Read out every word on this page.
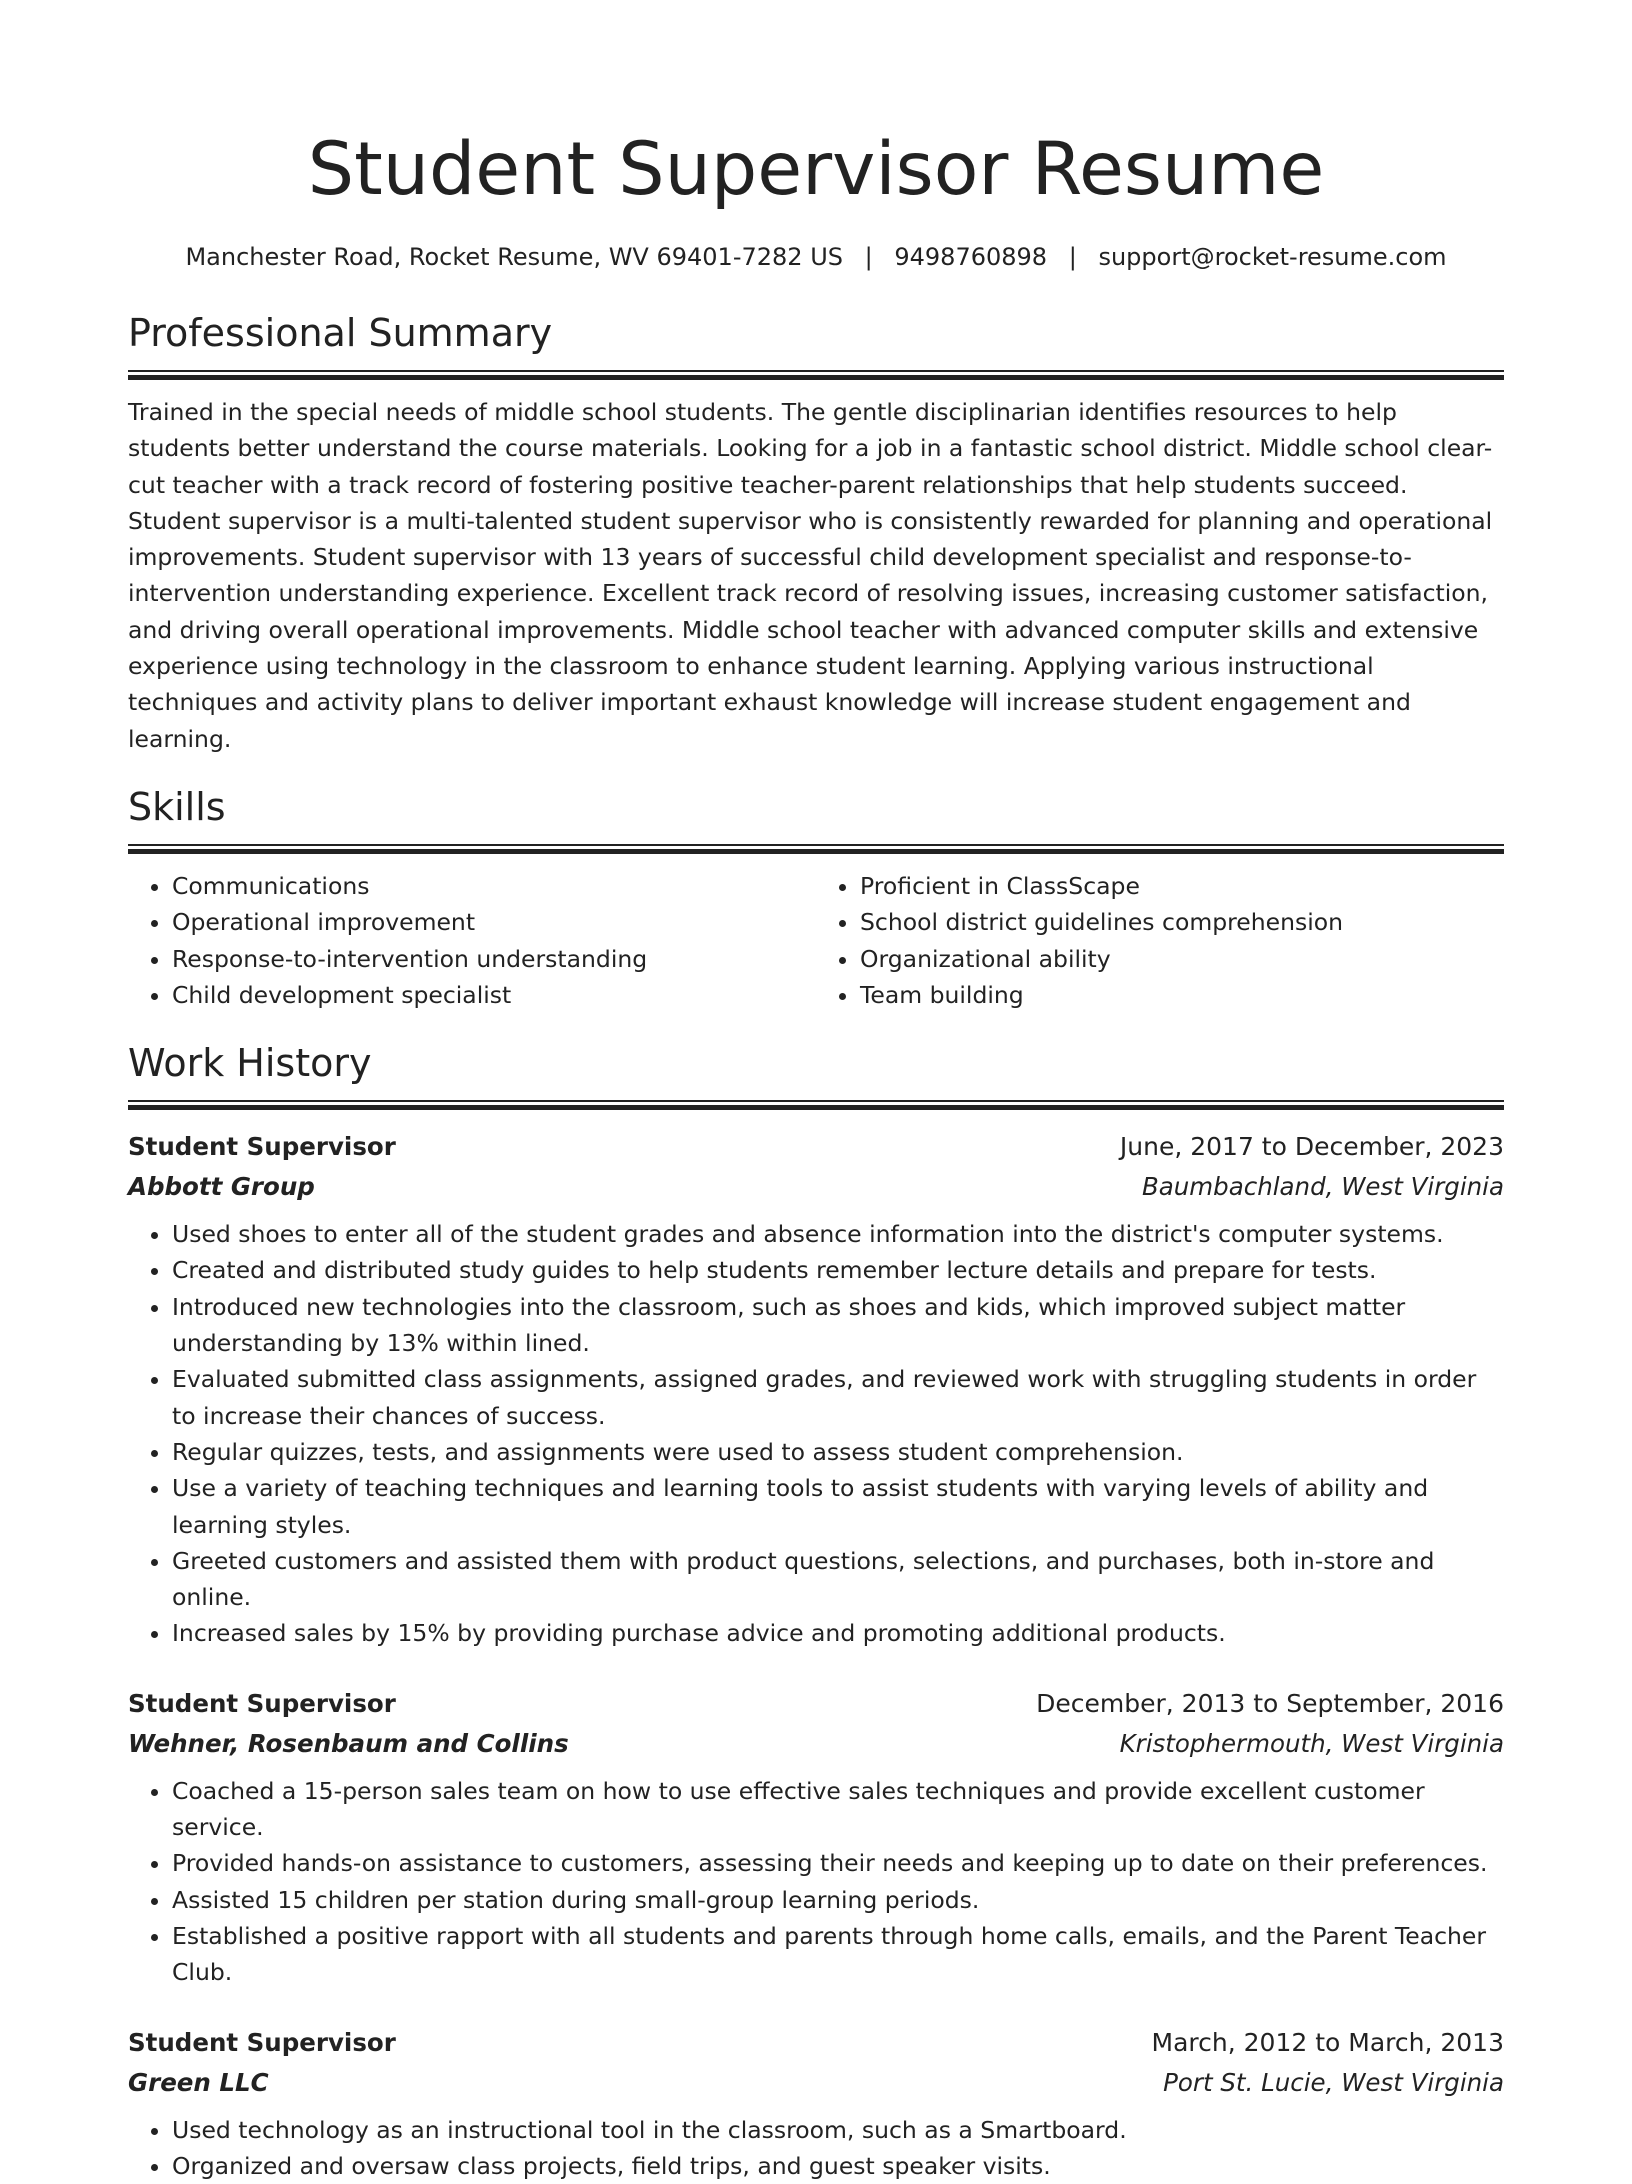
Student Supervisor Resume
Manchester Road, Rocket Resume, WV 69401-7282 US | 9498760898 | support@rocket-resume.com
Professional Summary

Trained in the special needs of middle school students. The gentle disciplinarian identifies resources to help students better understand the course materials. Looking for a job in a fantastic school district. Middle school clear-cut teacher with a track record of fostering positive teacher-parent relationships that help students succeed. Student supervisor is a multi-talented student supervisor who is consistently rewarded for planning and operational improvements. Student supervisor with 13 years of successful child development specialist and response-to-intervention understanding experience. Excellent track record of resolving issues, increasing customer satisfaction, and driving overall operational improvements. Middle school teacher with advanced computer skills and extensive experience using technology in the classroom to enhance student learning. Applying various instructional techniques and activity plans to deliver important exhaust knowledge will increase student engagement and learning.

Skills
• Communications
• Operational improvement
• Response-to-intervention understanding
• Child development specialist
• Proficient in ClassScape
• School district guidelines comprehension
• Organizational ability
• Team building
Work History
Student Supervisor	June, 2017 to December, 2023
Abbott Group	Baumbachland, West Virginia
• Used shoes to enter all of the student grades and absence information into the district's computer systems.
• Created and distributed study guides to help students remember lecture details and prepare for tests.
• Introduced new technologies into the classroom, such as shoes and kids, which improved subject matter understanding by 13% within lined.
• Evaluated submitted class assignments, assigned grades, and reviewed work with struggling students in order to increase their chances of success.
• Regular quizzes, tests, and assignments were used to assess student comprehension.
• Use a variety of teaching techniques and learning tools to assist students with varying levels of ability and learning styles.
• Greeted customers and assisted them with product questions, selections, and purchases, both in-store and online.
• Increased sales by 15% by providing purchase advice and promoting additional products.
Student Supervisor	December, 2013 to September, 2016
Wehner, Rosenbaum and Collins	Kristophermouth, West Virginia
• Coached a 15-person sales team on how to use effective sales techniques and provide excellent customer service.
• Provided hands-on assistance to customers, assessing their needs and keeping up to date on their preferences.
• Assisted 15 children per station during small-group learning periods.
• Established a positive rapport with all students and parents through home calls, emails, and the Parent Teacher Club.
Student Supervisor	March, 2012 to March, 2013
Green LLC	Port St. Lucie, West Virginia
• Used technology as an instructional tool in the classroom, such as a Smartboard.
• Organized and oversaw class projects, field trips, and guest speaker visits.
